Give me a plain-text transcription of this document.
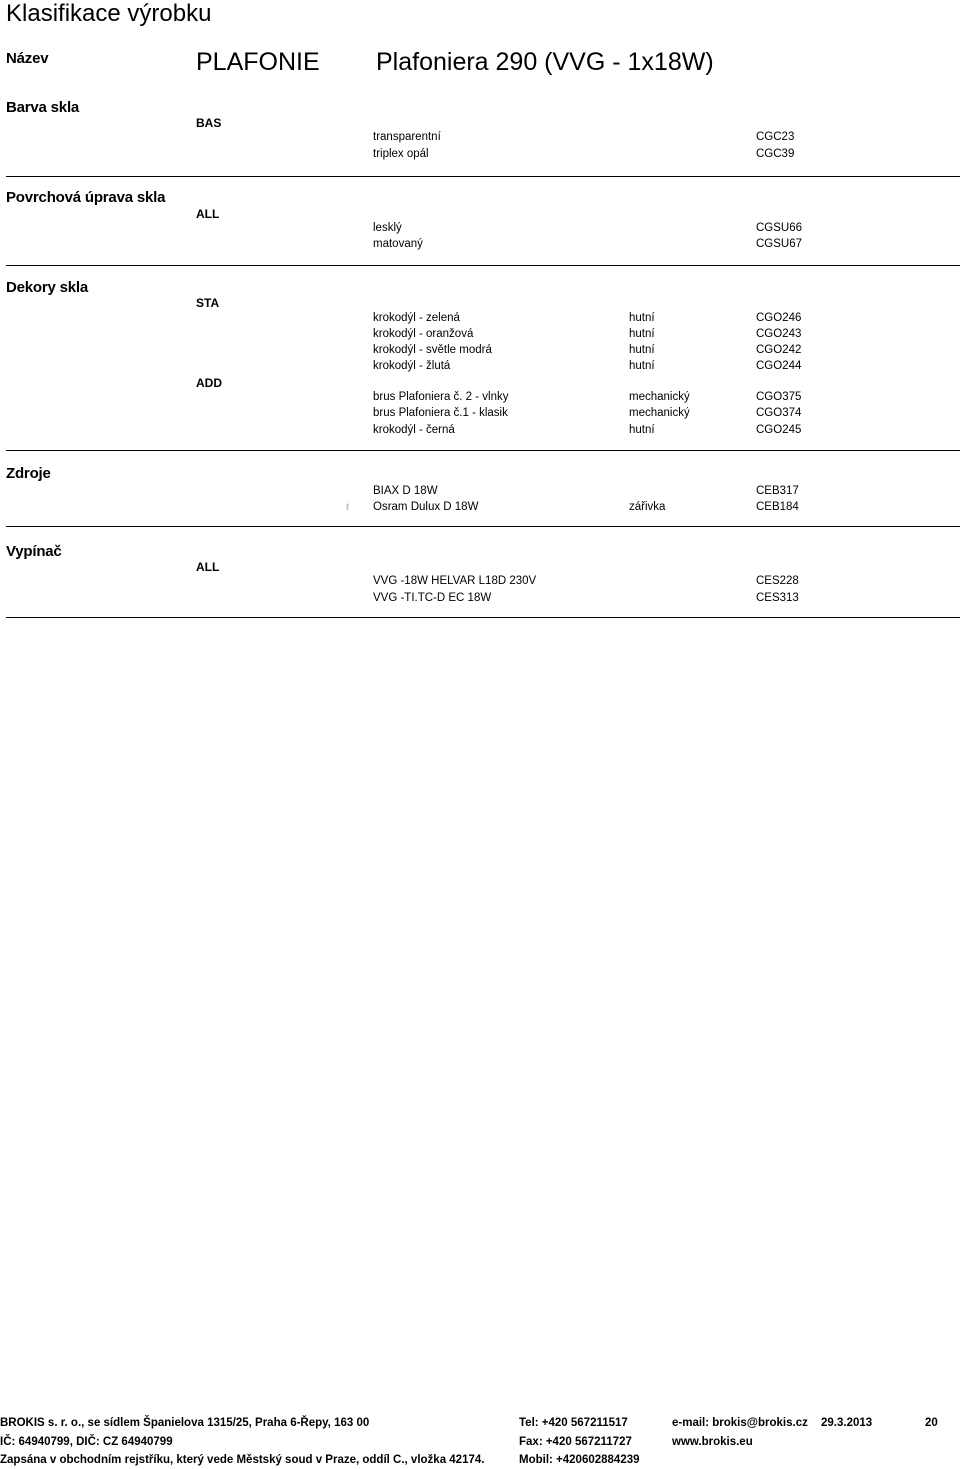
Klasifikace výrobku
Název	PLAFONIE Plafoniera 290 (VVG - 1x18W)
Barva skla
BAS
transparentní	CGC23
triplex opál	CGC39
Povrchová úprava skla
ALL
lesklý	CGSU66
matovaný	CGSU67
Dekory skla
STA
krokodýl - zelená	hutní	CGO246
krokodýl - oranžová	hutní	CGO243
krokodýl - světle modrá	hutní	CGO242
krokodýl - žlutá	hutní	CGO244
ADD
brus Plafoniera č. 2 - vlnky	mechanický	CGO375
brus Plafoniera č.1 - klasik	mechanický	CGO374
krokodýl - černá	hutní	CGO245
Zdroje
BIAX D 18W	CEB317
ℓ Osram Dulux D 18W	zářivka	CEB184
Vypínač
ALL
VVG -18W HELVAR L18D 230V	CES228
VVG -TI.TC-D EC 18W	CES313
BROKIS s. r. o., se sídlem Španielova 1315/25, Praha 6-Řepy, 163 00
IČ: 64940799, DIČ: CZ 64940799
Zapsána v obchodním rejstříku, který vede Městský soud v Praze, oddíl C., vložka 42174.
Tel: +420 567211517
Fax: +420 567211727
Mobil: +420602884239
e-mail: brokis@brokis.cz
www.brokis.eu
29.3.2013	20
